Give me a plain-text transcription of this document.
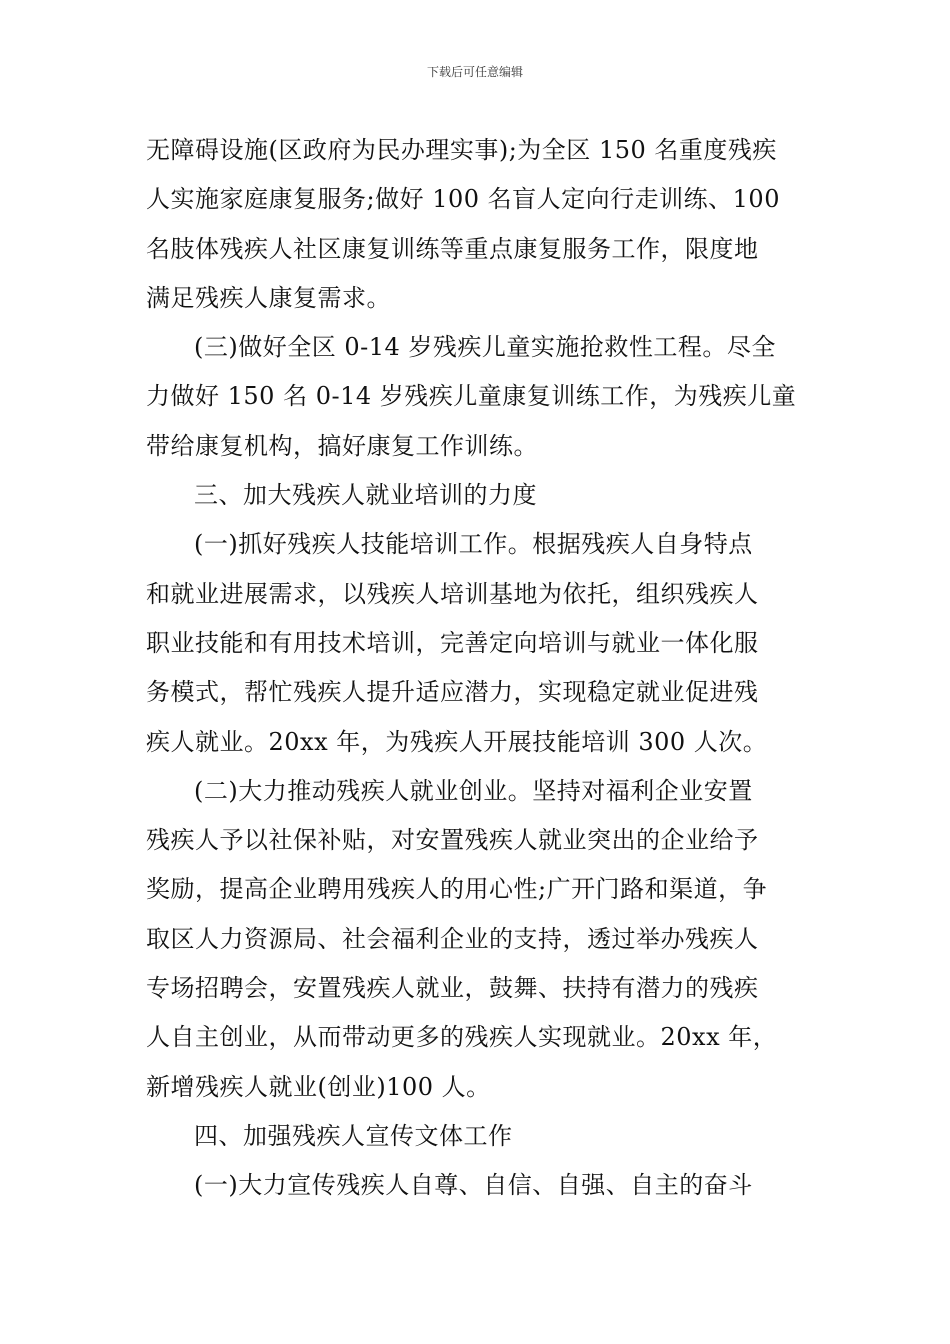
下载后可任意编辑
无障碍设施(区政府为民办理实事);为全区 150 名重度残疾
人实施家庭康复服务;做好 100 名盲人定向行走训练、100
名肢体残疾人社区康复训练等重点康复服务工作，限度地
满足残疾人康复需求。
(三)做好全区 0-14 岁残疾儿童实施抢救性工程。尽全
力做好 150 名 0-14 岁残疾儿童康复训练工作，为残疾儿童
带给康复机构，搞好康复工作训练。
三、加大残疾人就业培训的力度
(一)抓好残疾人技能培训工作。根据残疾人自身特点
和就业进展需求，以残疾人培训基地为依托，组织残疾人
职业技能和有用技术培训，完善定向培训与就业一体化服
务模式，帮忙残疾人提升适应潜力，实现稳定就业促进残
疾人就业。20xx 年，为残疾人开展技能培训 300 人次。
(二)大力推动残疾人就业创业。坚持对福利企业安置
残疾人予以社保补贴，对安置残疾人就业突出的企业给予
奖励，提高企业聘用残疾人的用心性;广开门路和渠道，争
取区人力资源局、社会福利企业的支持，透过举办残疾人
专场招聘会，安置残疾人就业，鼓舞、扶持有潜力的残疾
人自主创业，从而带动更多的残疾人实现就业。20xx 年，
新增残疾人就业(创业)100 人。
四、加强残疾人宣传文体工作
(一)大力宣传残疾人自尊、自信、自强、自主的奋斗
